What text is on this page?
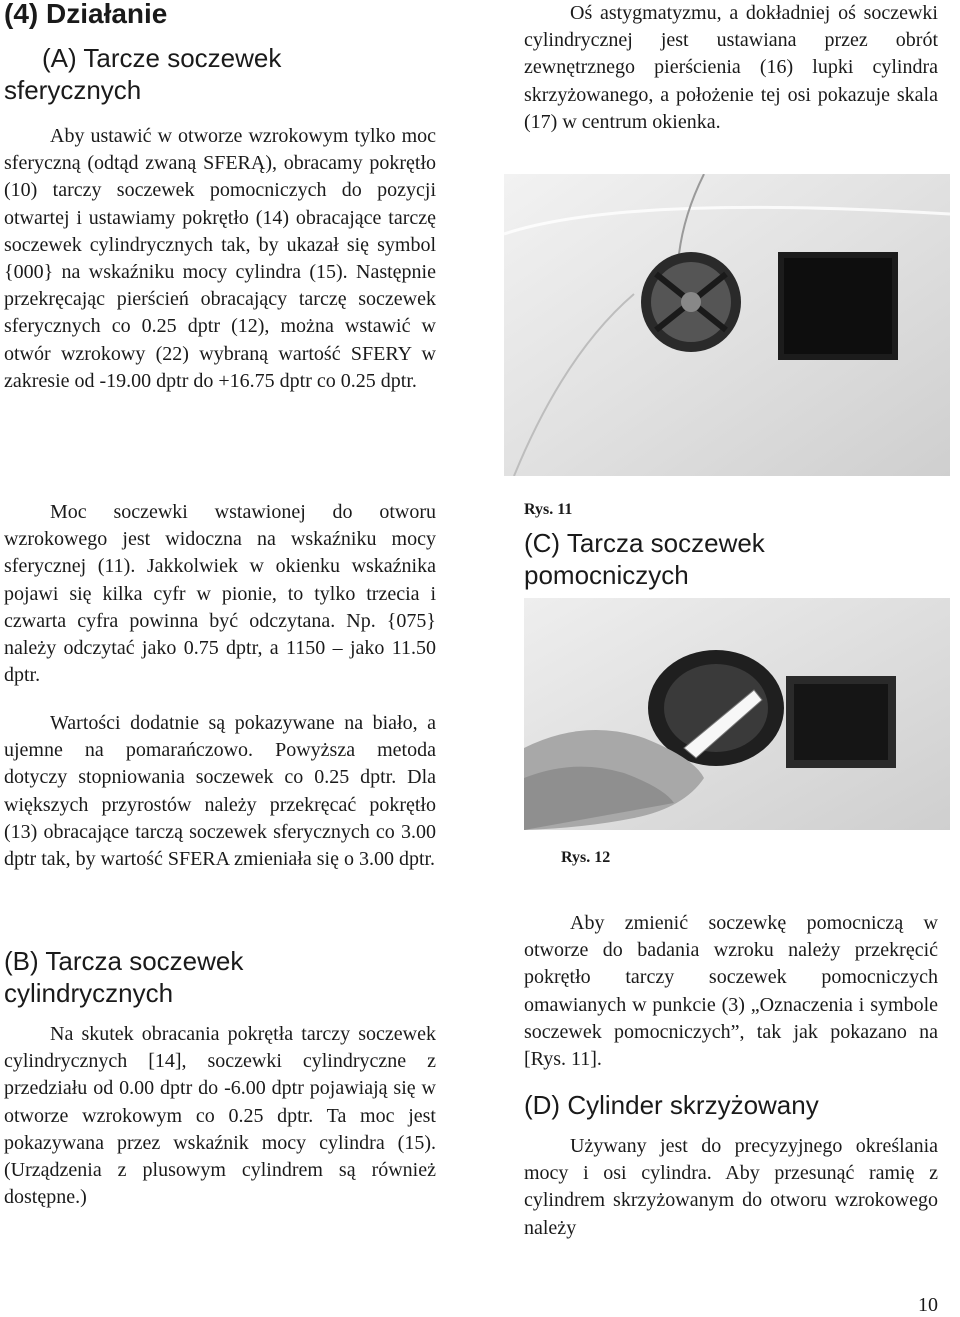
(4) Działanie
(A) Tarcze soczewek sferycznych

Aby ustawić w otworze wzrokowym tylko moc sferyczną (odtąd zwaną SFERĄ), obracamy pokrętło (10) tarczy soczewek pomocniczych do pozycji otwartej i ustawiamy pokrętło (14) obracające tarczę soczewek cylindrycznych tak, by ukazał się symbol {000} na wskaźniku mocy cylindra (15). Następnie przekręcając pierścień obracający tarczę soczewek sferycznych co 0.25 dptr (12), można wstawić w otwór wzrokowy (22) wybraną wartość SFERY w zakresie od -19.00 dptr do +16.75 dptr co 0.25 dptr.

Moc soczewki wstawionej do otworu wzrokowego jest widoczna na wskaźniku mocy sferycznej (11). Jakkolwiek w okienku wskaźnika pojawi się kilka cyfr w pionie, to tylko trzecia i czwarta cyfra powinna być odczytana. Np. {075} należy odczytać jako 0.75 dptr, a 1150 – jako 11.50 dptr.

Wartości dodatnie są pokazywane na biało, a ujemne na pomarańczowo. Powyższa metoda dotyczy stopniowania soczewek co 0.25 dptr. Dla większych przyrostów należy przekręcać pokrętło (13) obracające tarczą soczewek sferycznych co 3.00 dptr tak, by wartość SFERA zmieniała się o 3.00 dptr.

(B) Tarcza soczewek cylindrycznych

Na skutek obracania pokrętła tarczy soczewek cylindrycznych [14], soczewki cylindryczne z przedziału od 0.00 dptr do -6.00 dptr pojawiają się w otworze wzrokowym co 0.25 dptr. Ta moc jest pokazywana przez wskaźnik mocy cylindra (15). (Urządzenia z plusowym cylindrem są również dostępne.)

Oś astygmatyzmu, a dokładniej oś soczewki cylindrycznej jest ustawiana przez obrót zewnętrznego pierścienia (16) lupki cylindra skrzyżowanego, a położenie tej osi pokazuje skala (17) w centrum okienka.

Rys. 11
(C) Tarcza soczewek pomocniczych
Rys. 12

Aby zmienić soczewkę pomocniczą w otworze do badania wzroku należy przekręcić pokrętło tarczy soczewek pomocniczych omawianych w punkcie (3) „Oznaczenia i symbole soczewek pomocniczych”, tak jak pokazano na [Rys. 11].

(D) Cylinder skrzyżowany

Używany jest do precyzyjnego określania mocy i osi cylindra. Aby przesunąć ramię z cylindrem skrzyżowanym do otworu wzrokowego należy

10
